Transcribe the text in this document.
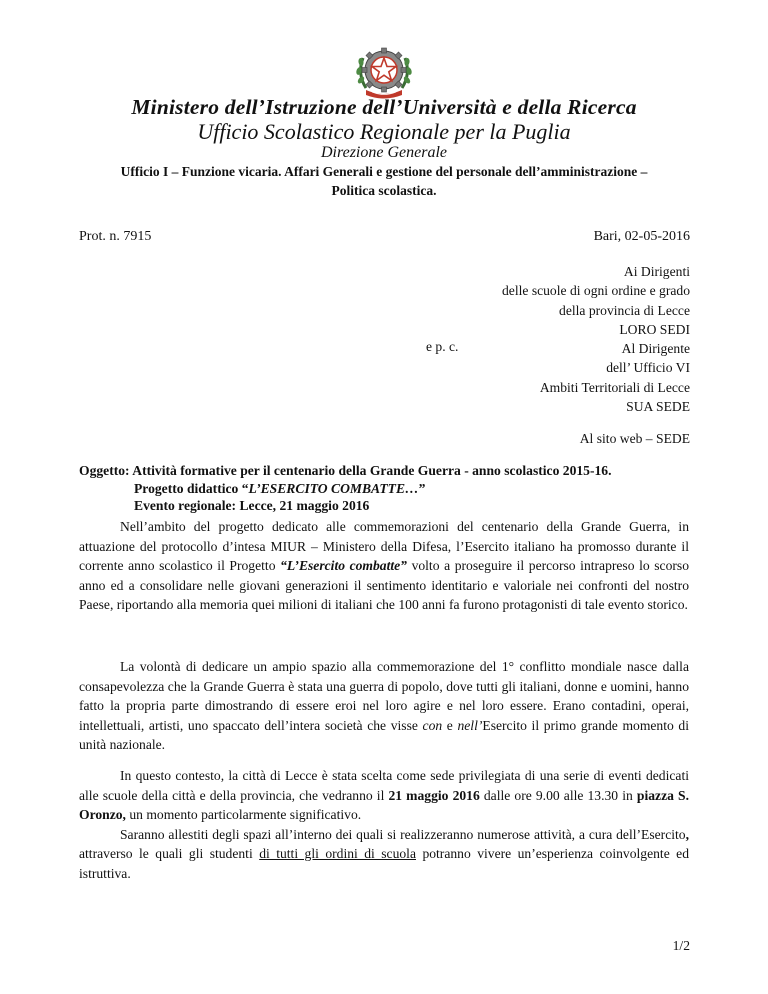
Ministero dell’Istruzione dell’Università e della Ricerca
Ufficio Scolastico Regionale per la Puglia
Direzione Generale
Ufficio I – Funzione vicaria. Affari Generali e gestione del personale dell’amministrazione –
Politica scolastica.
Prot. n. 7915	Bari, 02-05-2016
Ai Dirigenti
delle scuole di ogni ordine e grado
della provincia di Lecce
LORO SEDI
e p. c.	Al Dirigente
dell’ Ufficio VI
Ambiti Territoriali di Lecce
SUA SEDE
Al sito web – SEDE
Oggetto: Attività formative per il centenario della Grande Guerra - anno scolastico 2015-16.
Progetto didattico “L’ESERCITO COMBATTE…”
Evento regionale: Lecce, 21 maggio 2016

Nell’ambito del progetto dedicato alle commemorazioni del centenario della Grande Guerra, in attuazione del protocollo d’intesa MIUR – Ministero della Difesa, l’Esercito italiano ha promosso durante il corrente anno scolastico il Progetto “L’Esercito combatte” volto a proseguire il percorso intrapreso lo scorso anno ed a consolidare nelle giovani generazioni il sentimento identitario e valoriale nei confronti del nostro Paese, riportando alla memoria quei milioni di italiani che 100 anni fa furono protagonisti di tale evento storico.

La volontà di dedicare un ampio spazio alla commemorazione del 1° conflitto mondiale nasce dalla consapevolezza che la Grande Guerra è stata una guerra di popolo, dove tutti gli italiani, donne e uomini, hanno fatto la propria parte dimostrando di essere eroi nel loro agire e nel loro essere. Erano contadini, operai, intellettuali, artisti, uno spaccato dell’intera società che visse con e nell’Esercito il primo grande momento di unità nazionale.

In questo contesto, la città di Lecce è stata scelta come sede privilegiata di una serie di eventi dedicati alle scuole della città e della provincia, che vedranno il 21 maggio 2016 dalle ore 9.00 alle 13.30 in piazza S. Oronzo, un momento particolarmente significativo.

Saranno allestiti degli spazi all’interno dei quali si realizzeranno numerose attività, a cura dell’Esercito, attraverso le quali gli studenti di tutti gli ordini di scuola potranno vivere un’esperienza coinvolgente ed istruttiva.

1/2
